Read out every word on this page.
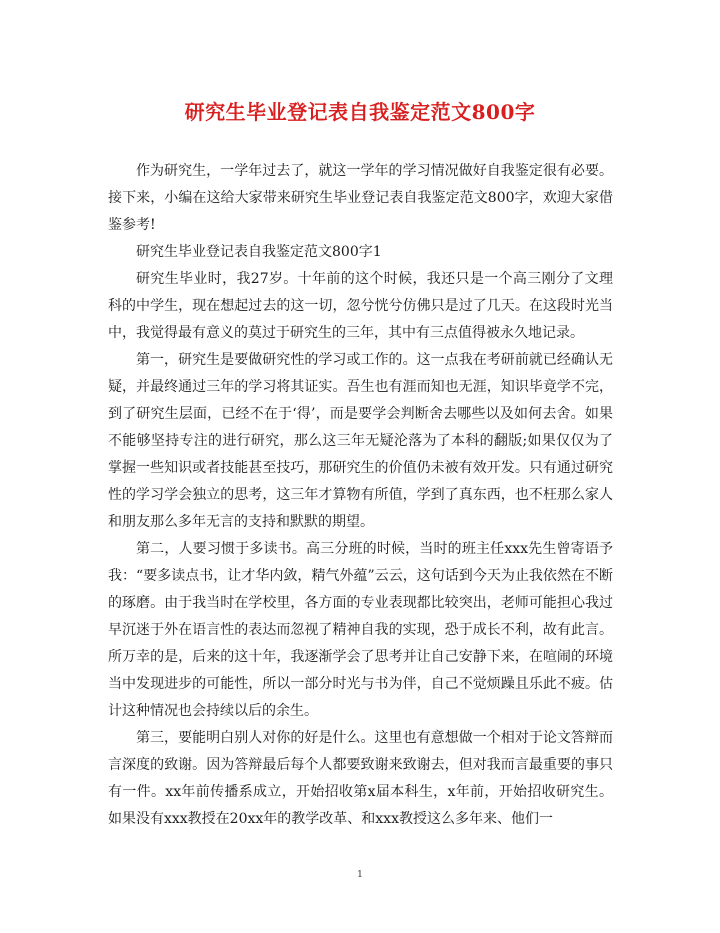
研究生毕业登记表自我鉴定范文800字

作为研究生，一学年过去了，就这一学年的学习情况做好自我鉴定很有必要。接下来，小编在这给大家带来研究生毕业登记表自我鉴定范文800字，欢迎大家借鉴参考!

研究生毕业登记表自我鉴定范文800字1

研究生毕业时，我27岁。十年前的这个时候，我还只是一个高三刚分了文理科的中学生，现在想起过去的这一切，忽兮恍兮仿佛只是过了几天。在这段时光当中，我觉得最有意义的莫过于研究生的三年，其中有三点值得被永久地记录。

第一，研究生是要做研究性的学习或工作的。这一点我在考研前就已经确认无疑，并最终通过三年的学习将其证实。吾生也有涯而知也无涯，知识毕竟学不完，到了研究生层面，已经不在于‘得’，而是要学会判断舍去哪些以及如何去舍。如果不能够坚持专注的进行研究，那么这三年无疑沦落为了本科的翻版;如果仅仅为了掌握一些知识或者技能甚至技巧，那研究生的价值仍未被有效开发。只有通过研究性的学习学会独立的思考，这三年才算物有所值，学到了真东西，也不枉那么家人和朋友那么多年无言的支持和默默的期望。

第二，人要习惯于多读书。高三分班的时候，当时的班主任xxx先生曾寄语予我：“要多读点书，让才华内敛，精气外蕴”云云，这句话到今天为止我依然在不断的琢磨。由于我当时在学校里，各方面的专业表现都比较突出，老师可能担心我过早沉迷于外在语言性的表达而忽视了精神自我的实现，恐于成长不利，故有此言。所万幸的是，后来的这十年，我逐渐学会了思考并让自己安静下来，在喧闹的环境当中发现进步的可能性，所以一部分时光与书为伴，自己不觉烦躁且乐此不疲。估计这种情况也会持续以后的余生。

第三，要能明白别人对你的好是什么。这里也有意想做一个相对于论文答辩而言深度的致谢。因为答辩最后每个人都要致谢来致谢去，但对我而言最重要的事只有一件。xx年前传播系成立，开始招收第x届本科生，x年前，开始招收研究生。如果没有xxx教授在20xx年的教学改革、和xxx教授这么多年来、他们一

1
